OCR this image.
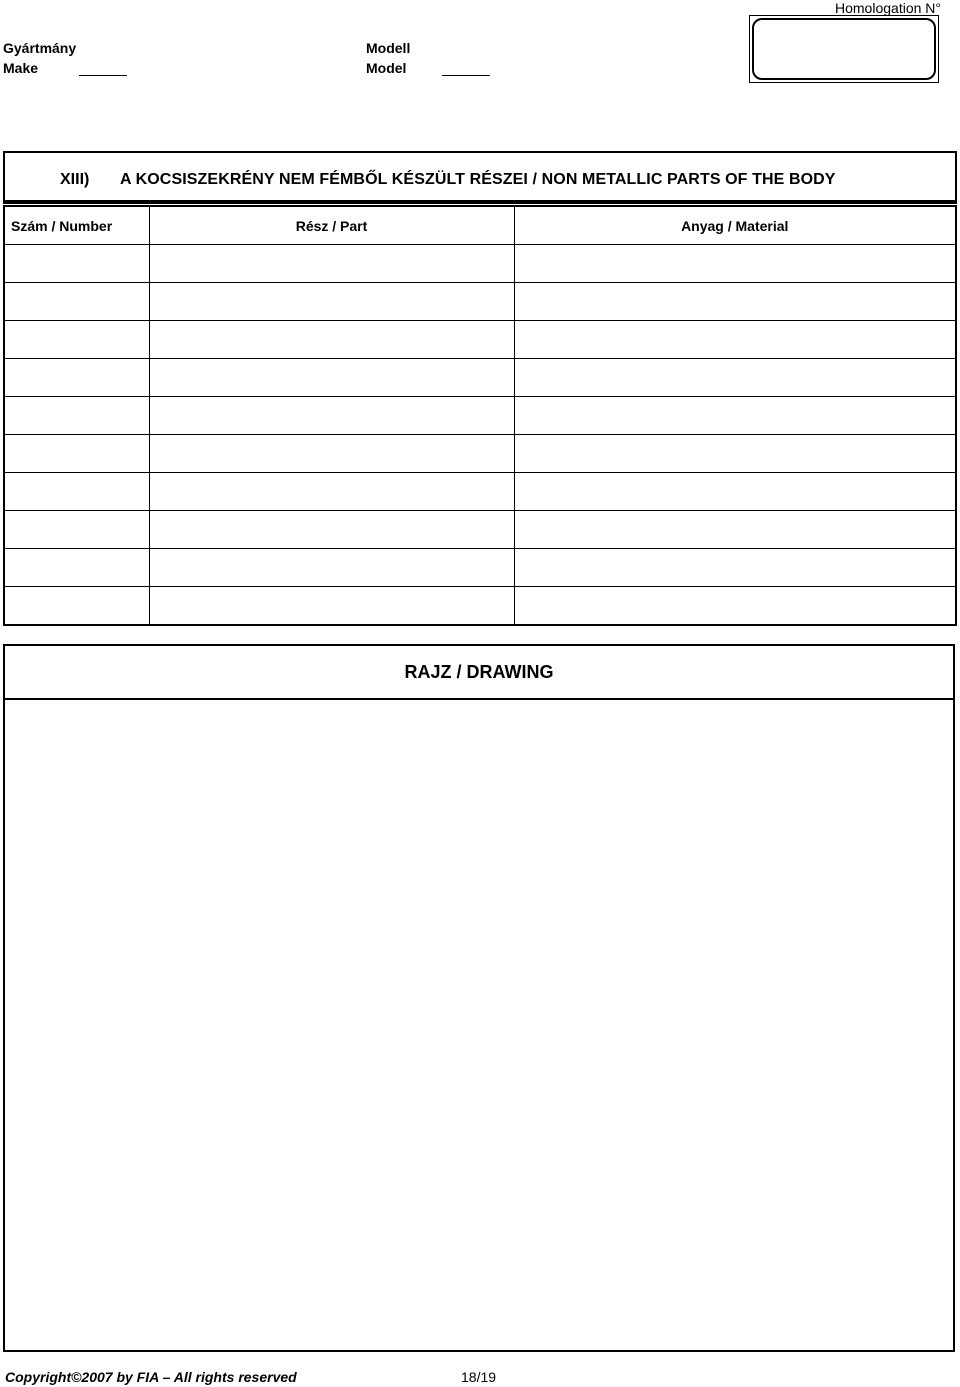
Homologation N°
Gyártmány
Make
Modell
Model
XIII) A KOCSISZEKRÉNY NEM FÉMBŐL KÉSZÜLT RÉSZEI / NON METALLIC PARTS OF THE BODY
Szám / Number	Rész / Part	Anyag / Material

RAJZ / DRAWING
Copyright©2007 by FIA – All rights reserved	18/19
